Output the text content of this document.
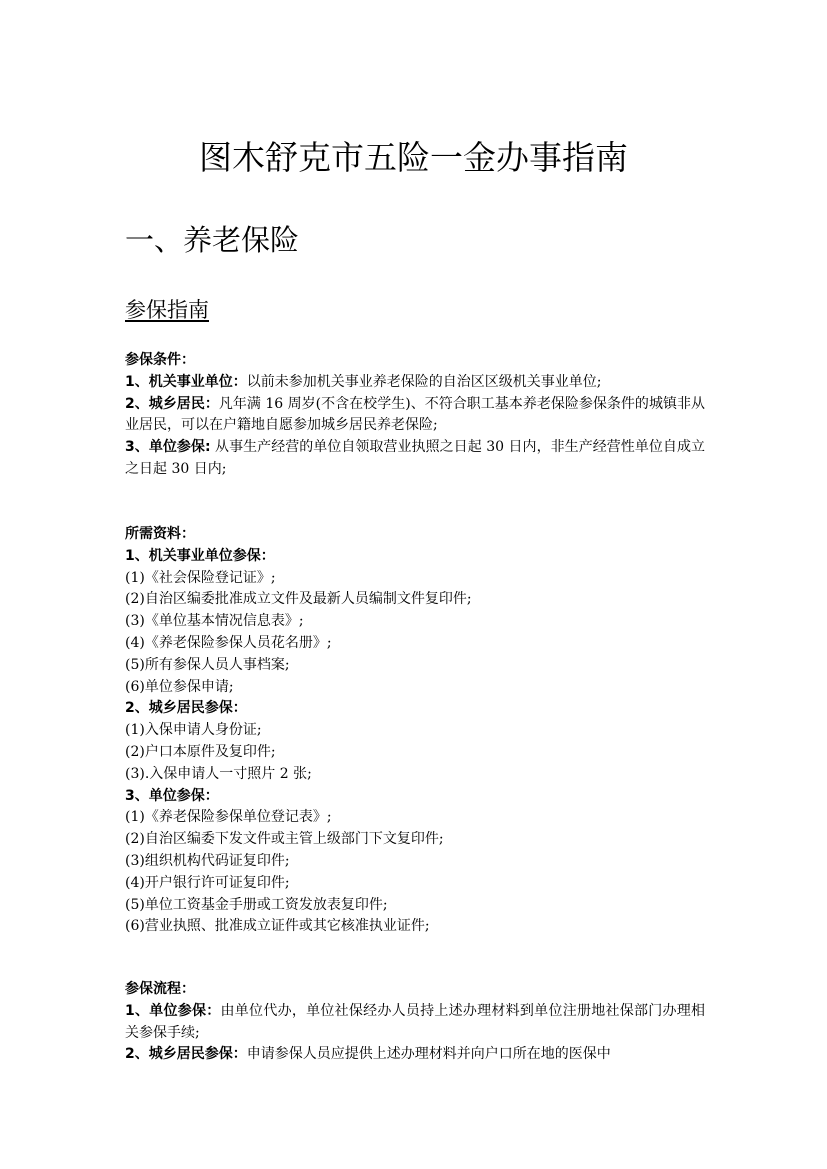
图木舒克市五险一金办事指南
一、养老保险
参保指南
参保条件：
1、机关事业单位：以前未参加机关事业养老保险的自治区区级机关事业单位;
2、城乡居民：凡年满 16 周岁(不含在校学生)、不符合职工基本养老保险参保条件的城镇非从业居民，可以在户籍地自愿参加城乡居民养老保险;
3、单位参保: 从事生产经营的单位自领取营业执照之日起 30 日内，非生产经营性单位自成立之日起 30 日内;
所需资料：
1、机关事业单位参保：
(1)《社会保险登记证》;
(2)自治区编委批准成立文件及最新人员编制文件复印件;
(3)《单位基本情况信息表》;
(4)《养老保险参保人员花名册》;
(5)所有参保人员人事档案;
(6)单位参保申请;
2、城乡居民参保：
(1)入保申请人身份证;
(2)户口本原件及复印件;
(3).入保申请人一寸照片 2 张;
3、单位参保：
(1)《养老保险参保单位登记表》;
(2)自治区编委下发文件或主管上级部门下文复印件;
(3)组织机构代码证复印件;
(4)开户银行许可证复印件;
(5)单位工资基金手册或工资发放表复印件;
(6)营业执照、批准成立证件或其它核准执业证件;
参保流程：
1、单位参保：由单位代办，单位社保经办人员持上述办理材料到单位注册地社保部门办理相关参保手续;
2、城乡居民参保：申请参保人员应提供上述办理材料并向户口所在地的医保中
